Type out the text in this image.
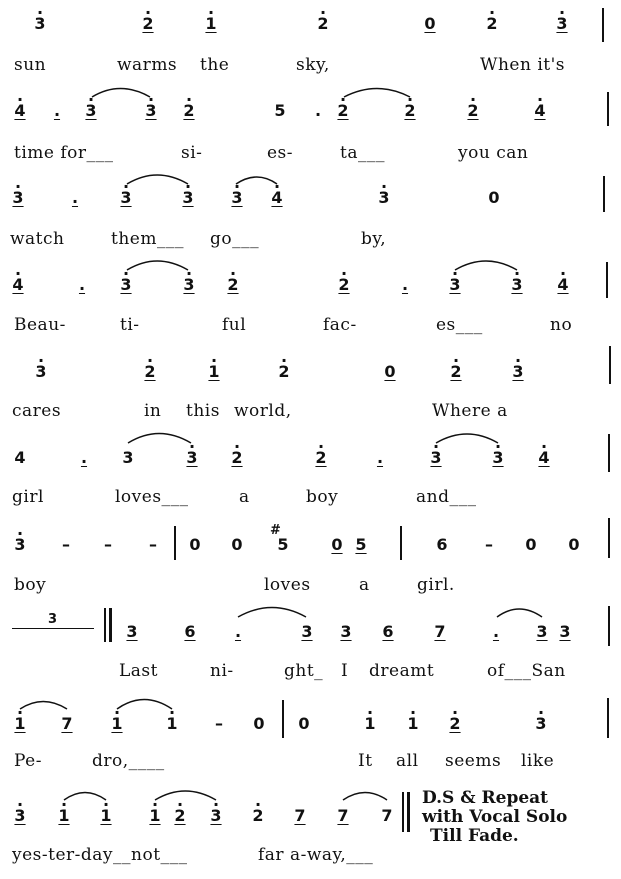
· 3	· 2	· 1	· 2	0	· 2	· 3
sun	warms the	sky,	When it's
· 4 . · 3	· 3 · 2	5 . · 2	· 2	· 2	· 4
time for___	si-	es-	ta___	you can
· 3	.	· 3	· 3 · 3 · 4	· 3	0
watch	them___ go___	by,
· 4	. · 3	· 3 · 2	· 2	.	· 3	· 3 · 4
Beau-	ti-	ful	fac-	es___	no
· 3	· 2	· 1	· 2	0	· 2	· 3
cares	in this world,	Where a
4	. 3	· 3 · 2	· 2	.	· 3	· 3 · 4
girl	loves___	a	boy	and___
· 3 – – – 0 0
#
5	0 5	6 – 0 0
boy	loves	a	girl.
3
3	6 .	3 3 6	7	. 3 3
Last	ni-	ght_ I dreamt	of___San
· 1 7 · 1	· 1 – 0 0	· 1 · 1 · 2	· 3
Pe-	dro,____	It all seems like
· 3 · 1 · 1 · 1 · 2 · 3 · 2 7 7 7
yes-ter-day__not___	far a-way,___
D.S & Repeat
with Vocal Solo
Till Fade.
